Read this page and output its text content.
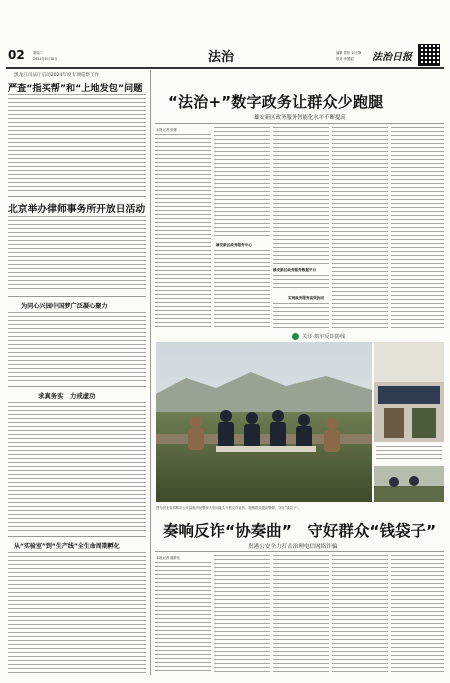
02	要闻二
2024年9月10日	法治	编辑 曾松 刘子静
校对 李慧娟 法治日报
黑龙江司法厅启动2024年度专项巡察工作
严查“指买帮”和“上地发包”问题
北京举办律师事务所开放日活动
为同心兴园中国梦广泛凝心聚力
求真务实　力戒虚功
从“实验室”到“生产线”全生命周期孵化
“法治+”数字政务让群众少跑腿
雄安新区政务服务智能化水平不断提高
本报记者 张蕾
雄安新区政务服务中心
雄安新区政务服务数据平台
实现政务服务高效协同
关注·筑牢反诈防线
图为河北省邯郸市公安局组织民警深入田间地头开展反诈宣传，提醒群众提高警惕、守好“钱袋子”。
奏响反诈“协奏曲”　守好群众“钱袋子”
贵港公安全力打击治理电信网络诈骗
本报记者 潘梦佳
